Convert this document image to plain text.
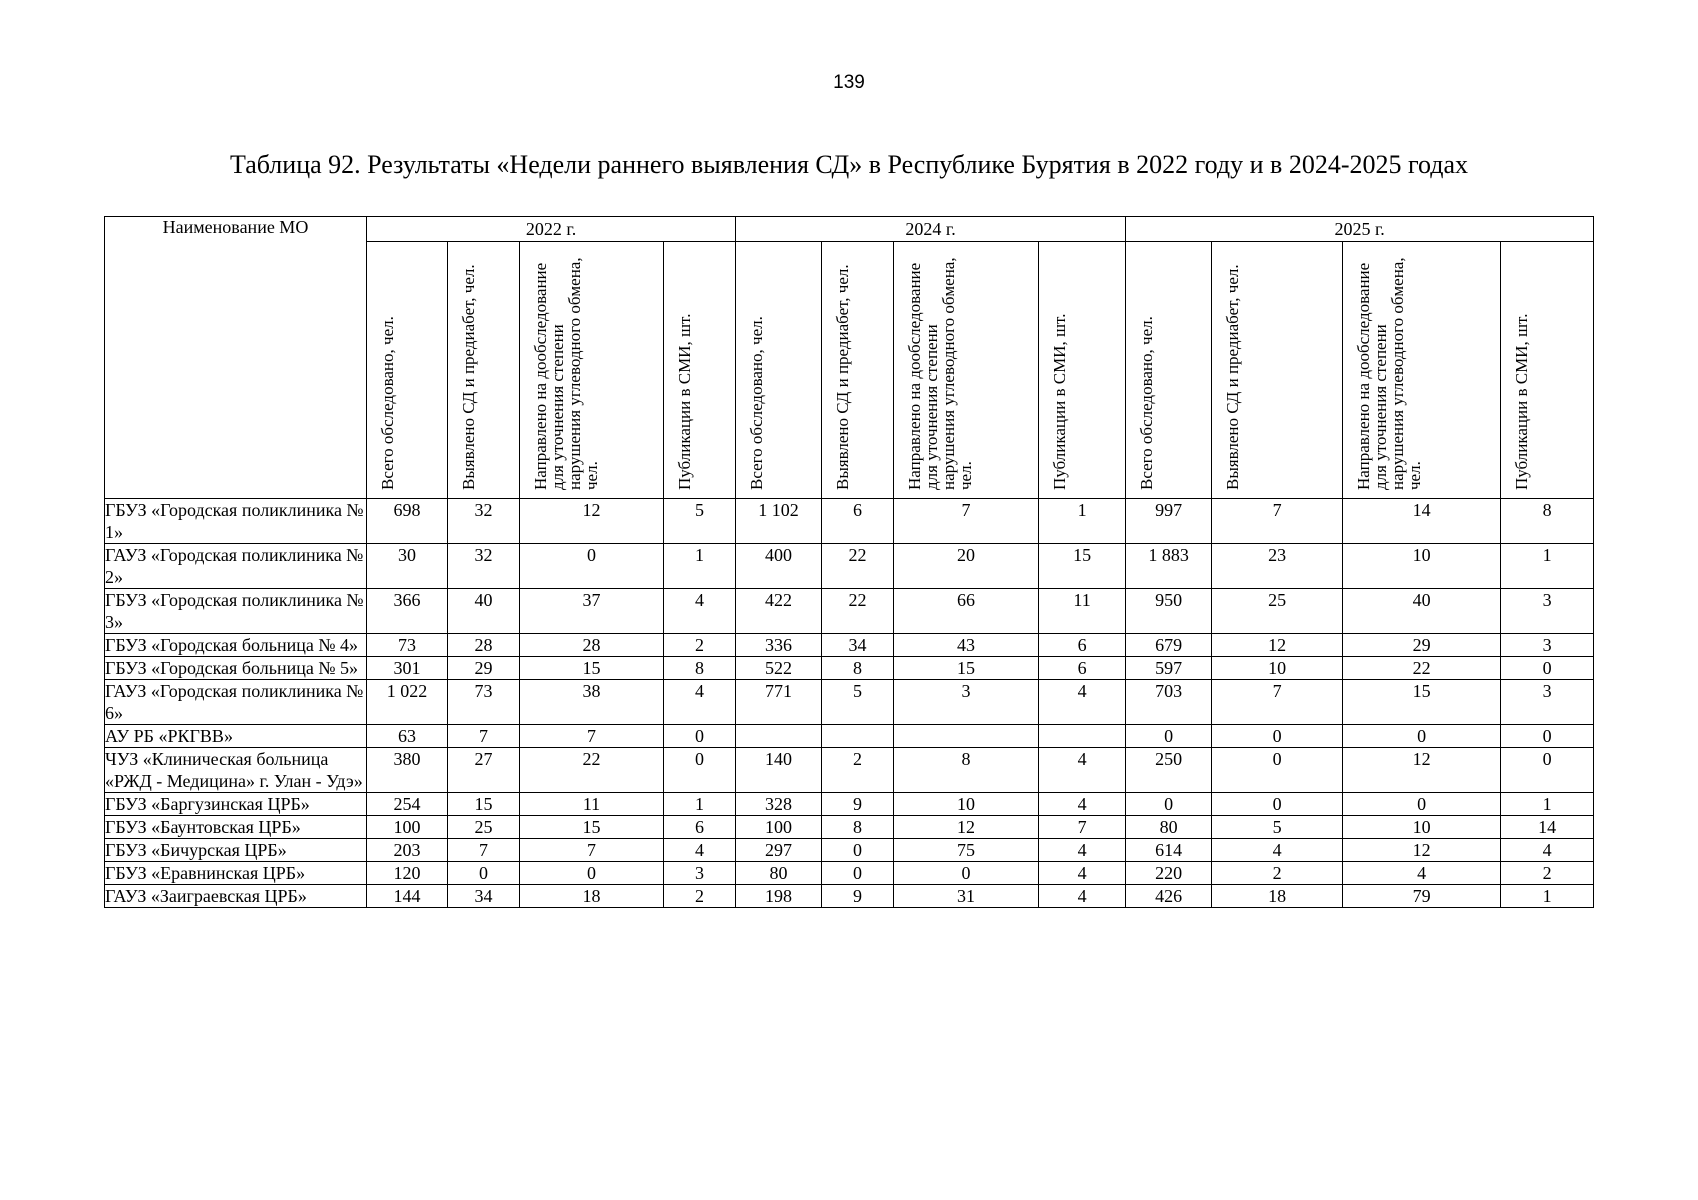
139
Таблица 92. Результаты «Недели раннего выявления СД» в Республике Бурятия в 2022 году и в 2024-2025 годах
Наименование МО	2022 г.				2024 г.				2025 г.			

Всего обследовано, чел.	Выявлено СД и предиабет, чел.	Направлено на дообследование для уточнения степени нарушения углеводного обмена, чел.	Публикации в СМИ, шт.	Всего обследовано, чел.	Выявлено СД и предиабет, чел.	Направлено на дообследование для уточнения степени нарушения углеводного обмена, чел.	Публикации в СМИ, шт.	Всего обследовано, чел.	Выявлено СД и предиабет, чел.	Направлено на дообследование для уточнения степени нарушения углеводного обмена, чел.	Публикации в СМИ, шт.

ГБУЗ «Городская поликлиника № 1»	698	32	12	5	1 102	6	7	1	997	7	14	8
ГАУЗ «Городская поликлиника № 2»	30	32	0	1	400	22	20	15	1 883	23	10	1
ГБУЗ «Городская поликлиника № 3»	366	40	37	4	422	22	66	11	950	25	40	3
ГБУЗ «Городская больница № 4»	73	28	28	2	336	34	43	6	679	12	29	3
ГБУЗ «Городская больница № 5»	301	29	15	8	522	8	15	6	597	10	22	0
ГАУЗ «Городская поликлиника № 6»	1 022	73	38	4	771	5	3	4	703	7	15	3
АУ РБ «РКГВВ»	63	7	7	0					0	0	0	0
ЧУЗ «Клиническая больница «РЖД - Медицина» г. Улан - Удэ»	380	27	22	0	140	2	8	4	250	0	12	0
ГБУЗ «Баргузинская ЦРБ»	254	15	11	1	328	9	10	4	0	0	0	1
ГБУЗ «Баунтовская ЦРБ»	100	25	15	6	100	8	12	7	80	5	10	14
ГБУЗ «Бичурская ЦРБ»	203	7	7	4	297	0	75	4	614	4	12	4
ГБУЗ «Еравнинская ЦРБ»	120	0	0	3	80	0	0	4	220	2	4	2
ГАУЗ «Заиграевская ЦРБ»	144	34	18	2	198	9	31	4	426	18	79	1
